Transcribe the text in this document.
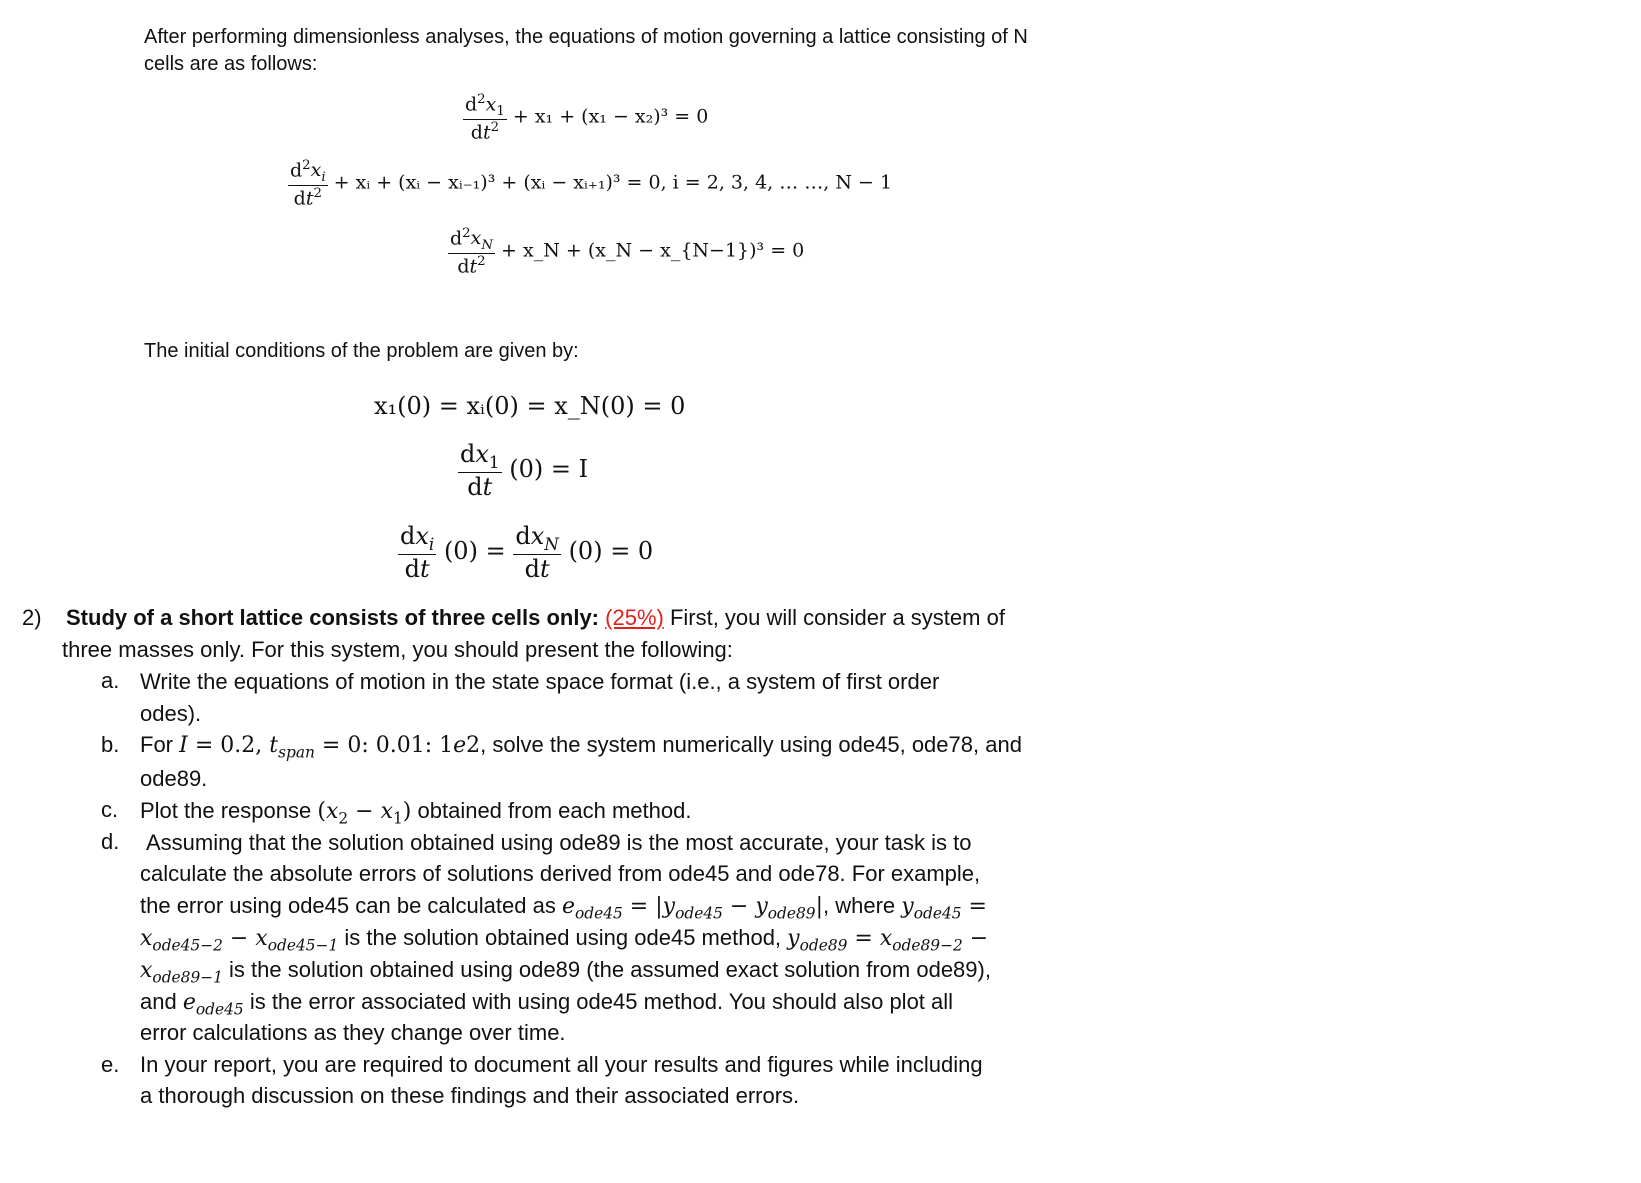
After performing dimensionless analyses, the equations of motion governing a lattice consisting of N
cells are as follows:
$\frac{d^2x_1}{dt^2} + x_1 + (x_1 - x_2)^3 = 0$
$\frac{d^2x_i}{dt^2}$ + xᵢ + (xᵢ − xᵢ₋₁)³ + (xᵢ − xᵢ₊₁)³ = 0, i = 2, 3, 4, … …, N − 1
$\frac{d^2x_N}{dt^2}$ + x_N + (x_N − x_{N−1})³ = 0
The initial conditions of the problem are given by:
x₁(0) = xᵢ(0) = x_N(0) = 0
$\frac{dx_1}{dt} (0) = I$
$\frac{dx_i}{dt} (0) = \frac{dx_N}{dt} (0) = 0$
2) Study of a short lattice consists of three cells only: (25%) First, you will consider a system of
three masses only. For this system, you should present the following:
a. Write the equations of motion in the state space format (i.e., a system of first order
odes).
b. For I = 0.2, $t_{span} = 0$: 0.01: 1e2, solve the system numerically using ode45, ode78, and
ode89.
c. Plot the response $(x_2 - x_1)$ obtained from each method.
d. Assuming that the solution obtained using ode89 is the most accurate, your task is to
calculate the absolute errors of solutions derived from ode45 and ode78. For example,
the error using ode45 can be calculated as $e_{ode45} = |y_{ode45} - y_{ode89}|$, where $y_{ode45}$ =
$x_{ode45-2} - x_{ode45-1}$ is the solution obtained using ode45 method, $y_{ode89} = x_{ode89-2}$ −
$x_{ode89-1}$ is the solution obtained using ode89 (the assumed exact solution from ode89),
and $e_{ode45}$ is the error associated with using ode45 method. You should also plot all
error calculations as they change over time.
e. In your report, you are required to document all your results and figures while including
a thorough discussion on these findings and their associated errors.
